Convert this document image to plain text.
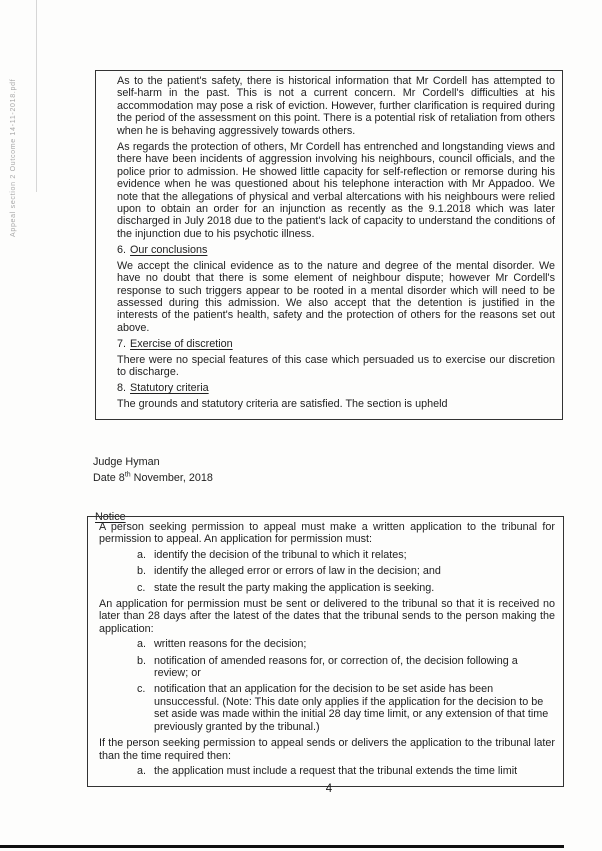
Appeal section 2 Outcome 14-11-2018.pdf	As to the patient's safety, there is historical information that Mr Cordell has attempted to self-harm in the past. This is not a current concern. Mr Cordell's difficulties at his accommodation may pose a risk of eviction. However, further clarification is required during the period of the assessment on this point. There is a potential risk of retaliation from others when he is behaving aggressively towards others.

As regards the protection of others, Mr Cordell has entrenched and longstanding views and there have been incidents of aggression involving his neighbours, council officials, and the police prior to admission. He showed little capacity for self-reflection or remorse during his evidence when he was questioned about his telephone interaction with Mr Appadoo. We note that the allegations of physical and verbal altercations with his neighbours were relied upon to obtain an order for an injunction as recently as the 9.1.2018 which was later discharged in July 2018 due to the patient's lack of capacity to understand the conditions of the injunction due to his psychotic illness.

6. Our conclusions

We accept the clinical evidence as to the nature and degree of the mental disorder. We have no doubt that there is some element of neighbour dispute; however Mr Cordell's response to such triggers appear to be rooted in a mental disorder which will need to be assessed during this admission. We also accept that the detention is justified in the interests of the patient's health, safety and the protection of others for the reasons set out above.

7. Exercise of discretion

There were no special features of this case which persuaded us to exercise our discretion to discharge.

8. Statutory criteria

The grounds and statutory criteria are satisfied. The section is upheld

Judge Hyman

Date 8th November, 2018

Notice

A person seeking permission to appeal must make a written application to the tribunal for permission to appeal. An application for permission must:

a. identify the decision of the tribunal to which it relates;
b. identify the alleged error or errors of law in the decision; and
c. state the result the party making the application is seeking.

An application for permission must be sent or delivered to the tribunal so that it is received no later than 28 days after the latest of the dates that the tribunal sends to the person making the application:

a. written reasons for the decision;
b. notification of amended reasons for, or correction of, the decision following a review; or
c. notification that an application for the decision to be set aside has been unsuccessful. (Note: This date only applies if the application for the decision to be set aside was made within the initial 28 day time limit, or any extension of that time previously granted by the tribunal.)

If the person seeking permission to appeal sends or delivers the application to the tribunal later than the time required then:

a. the application must include a request that the tribunal extends the time limit
4
